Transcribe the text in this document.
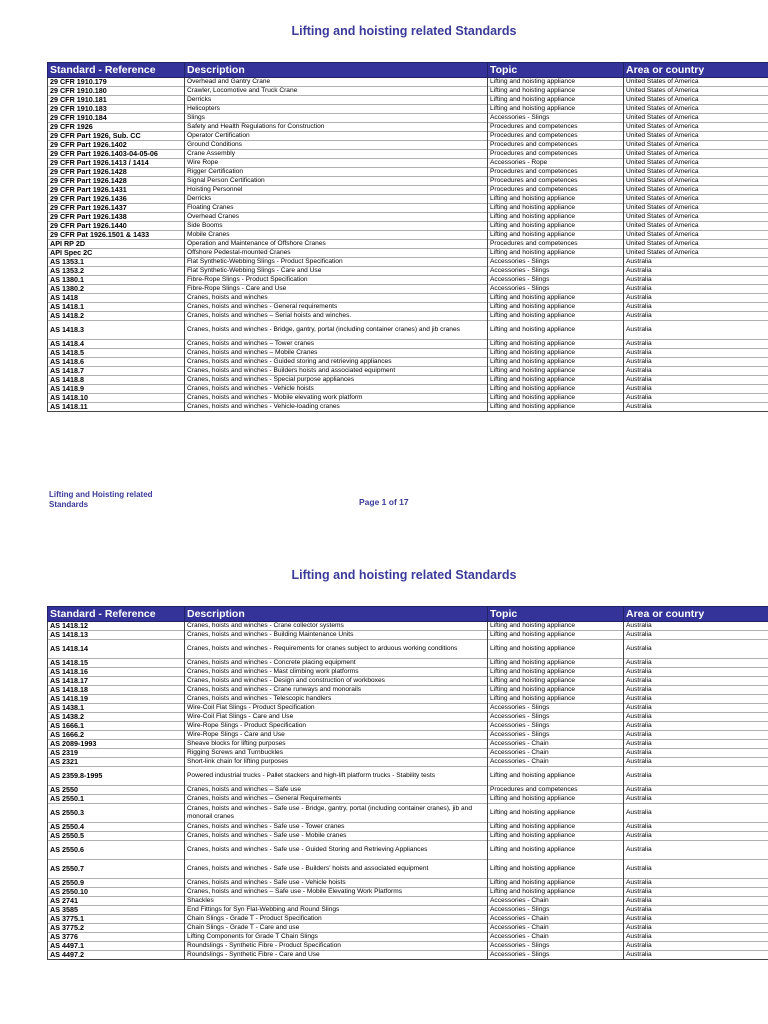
Lifting and hoisting related Standards
Standard - Reference	Description	Topic	Area or country
29 CFR 1910.179	Overhead and Gantry Crane	Lifting and hoisting appliance	United States of America
29 CFR 1910.180	Crawler, Locomotive and Truck Crane	Lifting and hoisting appliance	United States of America
29 CFR 1910.181	Derricks	Lifting and hoisting appliance	United States of America
29 CFR 1910.183	Helicopters	Lifting and hoisting appliance	United States of America
29 CFR 1910.184	Slings	Accessories - Slings	United States of America
29 CFR 1926	Safety and Health Regulations for Construction	Procedures and competences	United States of America
29 CFR Part 1926, Sub. CC	Operator Certification	Procedures and competences	United States of America
29 CFR Part 1926.1402	Ground Conditions	Procedures and competences	United States of America
29 CFR Part 1926.1403-04-05-06	Crane Assembly	Procedures and competences	United States of America
29 CFR Part 1926.1413 / 1414	Wire Rope	Accessories - Rope	United States of America
29 CFR Part 1926.1428	Rigger Certification	Procedures and competences	United States of America
29 CFR Part 1926.1428	Signal Person Certification	Procedures and competences	United States of America
29 CFR Part 1926.1431	Hoisting Personnel	Procedures and competences	United States of America
29 CFR Part 1926.1436	Derricks	Lifting and hoisting appliance	United States of America
29 CFR Part 1926.1437	Floating Cranes	Lifting and hoisting appliance	United States of America
29 CFR Part 1926.1438	Overhead Cranes	Lifting and hoisting appliance	United States of America
29 CFR Part 1926.1440	Side Booms	Lifting and hoisting appliance	United States of America
29 CFR Pat 1926.1501 & 1433	Mobile Cranes	Lifting and hoisting appliance	United States of America
API RP 2D	Operation and Maintenance of Offshore Cranes	Procedures and competences	United States of America
API Spec 2C	Offshore Pedestal-mounted Cranes	Lifting and hoisting appliance	United States of America
AS 1353.1	Flat Synthetic-Webbing Slings - Product Specification	Accessories - Slings	Australia
AS 1353.2	Flat Synthetic-Webbing Slings - Care and Use	Accessories - Slings	Australia
AS 1380.1	Fibre-Rope Slings - Product Specification	Accessories - Slings	Australia
AS 1380.2	Fibre-Rope Slings - Care and Use	Accessories - Slings	Australia
AS 1418	Cranes, hoists and winches	Lifting and hoisting appliance	Australia
AS 1418.1	Cranes, hoists and winches - General requirements	Lifting and hoisting appliance	Australia
AS 1418.2	Cranes, hoists and winches – Serial hoists and winches.	Lifting and hoisting appliance	Australia
AS 1418.3	Cranes, hoists and winches - Bridge, gantry, portal (including container cranes) and jib cranes	Lifting and hoisting appliance	Australia
AS 1418.4	Cranes, hoists and winches – Tower cranes	Lifting and hoisting appliance	Australia
AS 1418.5	Cranes, hoists and winches – Mobile Cranes	Lifting and hoisting appliance	Australia
AS 1418.6	Cranes, hoists and winches - Guided storing and retrieving appliances	Lifting and hoisting appliance	Australia
AS 1418.7	Cranes, hoists and winches - Builders hoists and associated equipment	Lifting and hoisting appliance	Australia
AS 1418.8	Cranes, hoists and winches - Special purpose appliances	Lifting and hoisting appliance	Australia
AS 1418.9	Cranes, hoists and winches - Vehicle hoists	Lifting and hoisting appliance	Australia
AS 1418.10	Cranes, hoists and winches - Mobile elevating work platform	Lifting and hoisting appliance	Australia
AS 1418.11	Cranes, hoists and winches - Vehicle-loading cranes	Lifting and hoisting appliance	Australia
Lifting and Hoisting related Standards	Page 1 of 17
Lifting and hoisting related Standards
Standard - Reference	Description	Topic	Area or country
AS 1418.12	Cranes, hoists and winches - Crane collector systems	Lifting and hoisting appliance	Australia
AS 1418.13	Cranes, hoists and winches - Building Maintenance Units	Lifting and hoisting appliance	Australia
AS 1418.14	Cranes, hoists and winches - Requirements for cranes subject to arduous working conditions	Lifting and hoisting appliance	Australia
AS 1418.15	Cranes, hoists and winches - Concrete placing equipment	Lifting and hoisting appliance	Australia
AS 1418.16	Cranes, hoists and winches - Mast climbing work platforms	Lifting and hoisting appliance	Australia
AS 1418.17	Cranes, hoists and winches - Design and construction of workboxes	Lifting and hoisting appliance	Australia
AS 1418.18	Cranes, hoists and winches - Crane runways and monorails	Lifting and hoisting appliance	Australia
AS 1418.19	Cranes, hoists and winches - Telescopic handlers	Lifting and hoisting appliance	Australia
AS 1438.1	Wire-Coil Flat Slings - Product Specification	Accessories - Slings	Australia
AS 1438.2	Wire-Coil Flat Slings - Care and Use	Accessories - Slings	Australia
AS 1666.1	Wire-Rope Slings - Product Specification	Accessories - Slings	Australia
AS 1666.2	Wire-Rope Slings - Care and Use	Accessories - Slings	Australia
AS 2089-1993	Sheave blocks for lifting purposes	Accessories - Chain	Australia
AS 2319	Rigging Screws and Turnbuckles	Accessories - Chain	Australia
AS 2321	Short-link chain for lifting purposes	Accessories - Chain	Australia
AS 2359.8-1995	Powered industrial trucks - Pallet stackers and high-lift platform trucks - Stability tests	Lifting and hoisting appliance	Australia
AS 2550	Cranes, hoists and winches – Safe use	Procedures and competences	Australia
AS 2550.1	Cranes, hoists and winches – General Requirements	Lifting and hoisting appliance	Australia
AS 2550.3	Cranes, hoists and winches - Safe use - Bridge, gantry, portal (including container cranes), jib and monorail cranes	Lifting and hoisting appliance	Australia
AS 2550.4	Cranes, hoists and winches - Safe use - Tower cranes	Lifting and hoisting appliance	Australia
AS 2550.5	Cranes, hoists and winches - Safe use - Mobile cranes	Lifting and hoisting appliance	Australia
AS 2550.6	Cranes, hoists and winches - Safe use - Guided Storing and Retrieving Appliances	Lifting and hoisting appliance	Australia
AS 2550.7	Cranes, hoists and winches - Safe use - Builders' hoists and associated equipment	Lifting and hoisting appliance	Australia
AS 2550.9	Cranes, hoists and winches - Safe use - Vehicle hoists	Lifting and hoisting appliance	Australia
AS 2550.10	Cranes, hoists and winches – Safe use - Mobile Elevating Work Platforms	Lifting and hoisting appliance	Australia
AS 2741	Shackles	Accessories - Chain	Australia
AS 3585	End Fittings for Syn Flat-Webbing and Round Slings	Accessories - Slings	Australia
AS 3775.1	Chain Slings - Grade T - Product Specification	Accessories - Chain	Australia
AS 3775.2	Chain Slings - Grade T - Care and use	Accessories - Chain	Australia
AS 3776	Lifting Components for Grade T Chain Slings	Accessories - Chain	Australia
AS 4497.1	Roundslings - Synthetic Fibre - Product Specification	Accessories - Slings	Australia
AS 4497.2	Roundslings - Synthetic Fibre - Care and Use	Accessories - Slings	Australia
